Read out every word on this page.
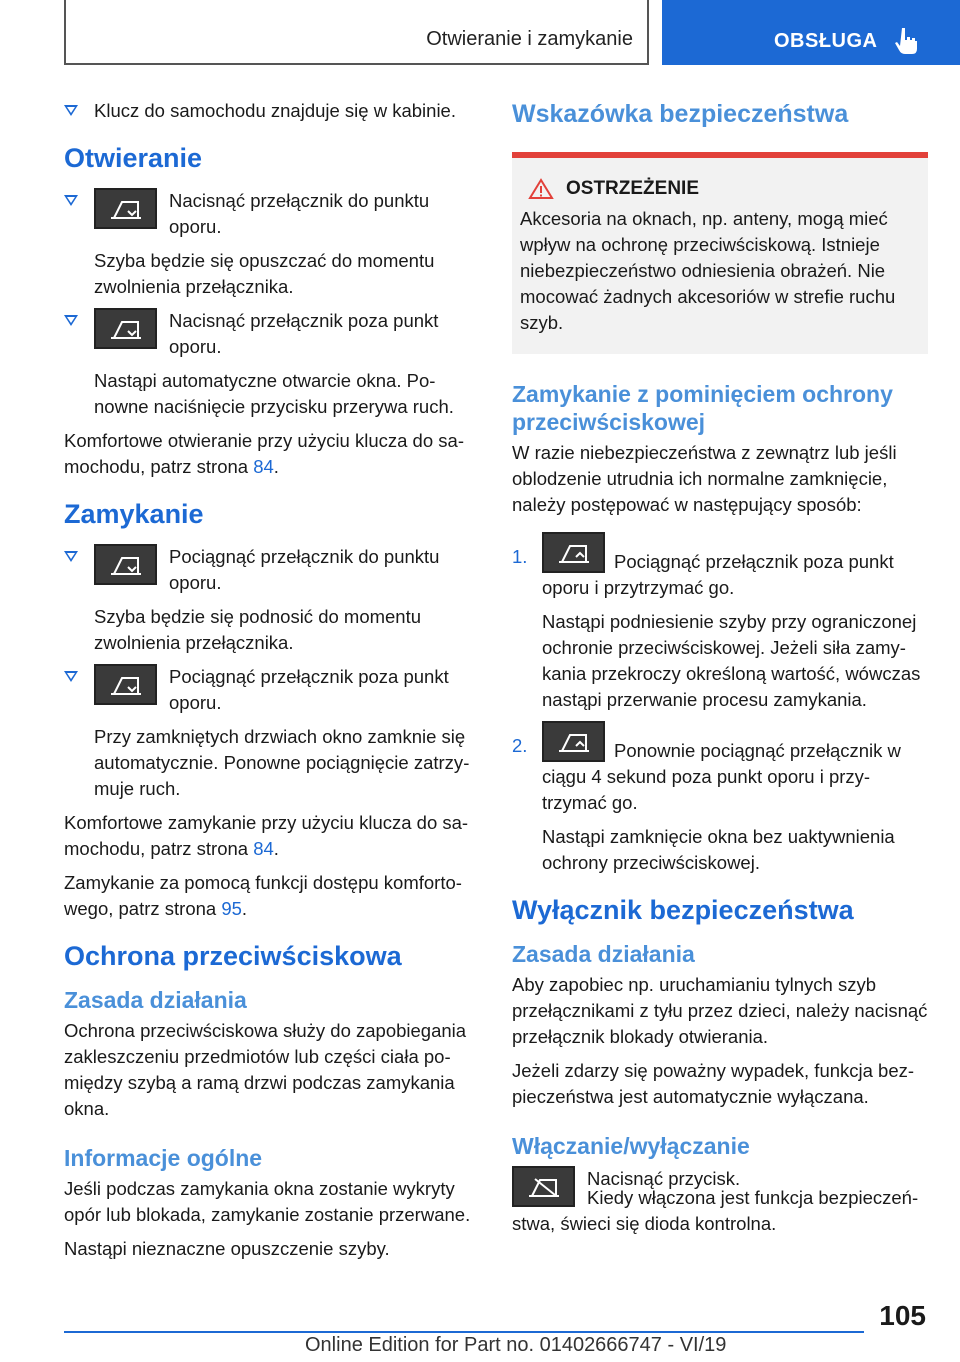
Otwieranie i zamykanie	OBSŁUGA

Klucz do samochodu znajduje się w kabinie.

Otwieranie

Nacisnąć przełącznik do punktu oporu.

Szyba będzie się opuszczać do momentu zwolnienia przełącznika.

Nacisnąć przełącznik poza punkt oporu.

Nastąpi automatyczne otwarcie okna. Ponowne naciśnięcie przycisku przerywa ruch.

Komfortowe otwieranie przy użyciu klucza do samochodu, patrz strona 84.

Zamykanie

Pociągnąć przełącznik do punktu oporu.

Szyba będzie się podnosić do momentu zwolnienia przełącznika.

Pociągnąć przełącznik poza punkt oporu.

Przy zamkniętych drzwiach okno zamknie się automatycznie. Ponowne pociągnięcie zatrzymuje ruch.

Komfortowe zamykanie przy użyciu klucza do samochodu, patrz strona 84.

Zamykanie za pomocą funkcji dostępu komfortowego, patrz strona 95.

Ochrona przeciwściskowa
Zasada działania

Ochrona przeciwściskowa służy do zapobiegania zakleszczeniu przedmiotów lub części ciała pomiędzy szybą a ramą drzwi podczas zamykania okna.

Informacje ogólne

Jeśli podczas zamykania okna zostanie wykryty opór lub blokada, zamykanie zostanie przerwane.

Nastąpi nieznaczne opuszczenie szyby.

Wskazówka bezpieczeństwa
OSTRZEŻENIE

Akcesoria na oknach, np. anteny, mogą mieć wpływ na ochronę przeciwściskową. Istnieje niebezpieczeństwo odniesienia obrażeń. Nie mocować żadnych akcesoriów w strefie ruchu szyb.

Zamykanie z pominięciem ochrony przeciwściskowej

W razie niebezpieczeństwa z zewnątrz lub jeśli oblodzenie utrudnia ich normalne zamknięcie, należy postępować w następujący sposób:

1.	Pociągnąć przełącznik poza punkt oporu i przytrzymać go.

Nastąpi podniesienie szyby przy ograniczonej ochronie przeciwściskowej. Jeżeli siła zamykania przekroczy określoną wartość, wówczas nastąpi przerwanie procesu zamykania.

2.	Ponownie pociągnąć przełącznik w ciągu 4 sekund poza punkt oporu i przytrzymać go.

Nastąpi zamknięcie okna bez uaktywnienia ochrony przeciwściskowej.

Wyłącznik bezpieczeństwa
Zasada działania

Aby zapobiec np. uruchamianiu tylnych szyb przełącznikami z tyłu przez dzieci, należy nacisnąć przełącznik blokady otwierania.

Jeżeli zdarzy się poważny wypadek, funkcja bezpieczeństwa jest automatycznie wyłączana.

Włączanie/wyłączanie

Nacisnąć przycisk.

Kiedy włączona jest funkcja bezpieczeństwa, świeci się dioda kontrolna.

105
Online Edition for Part no. 01402666747 - VI/19
